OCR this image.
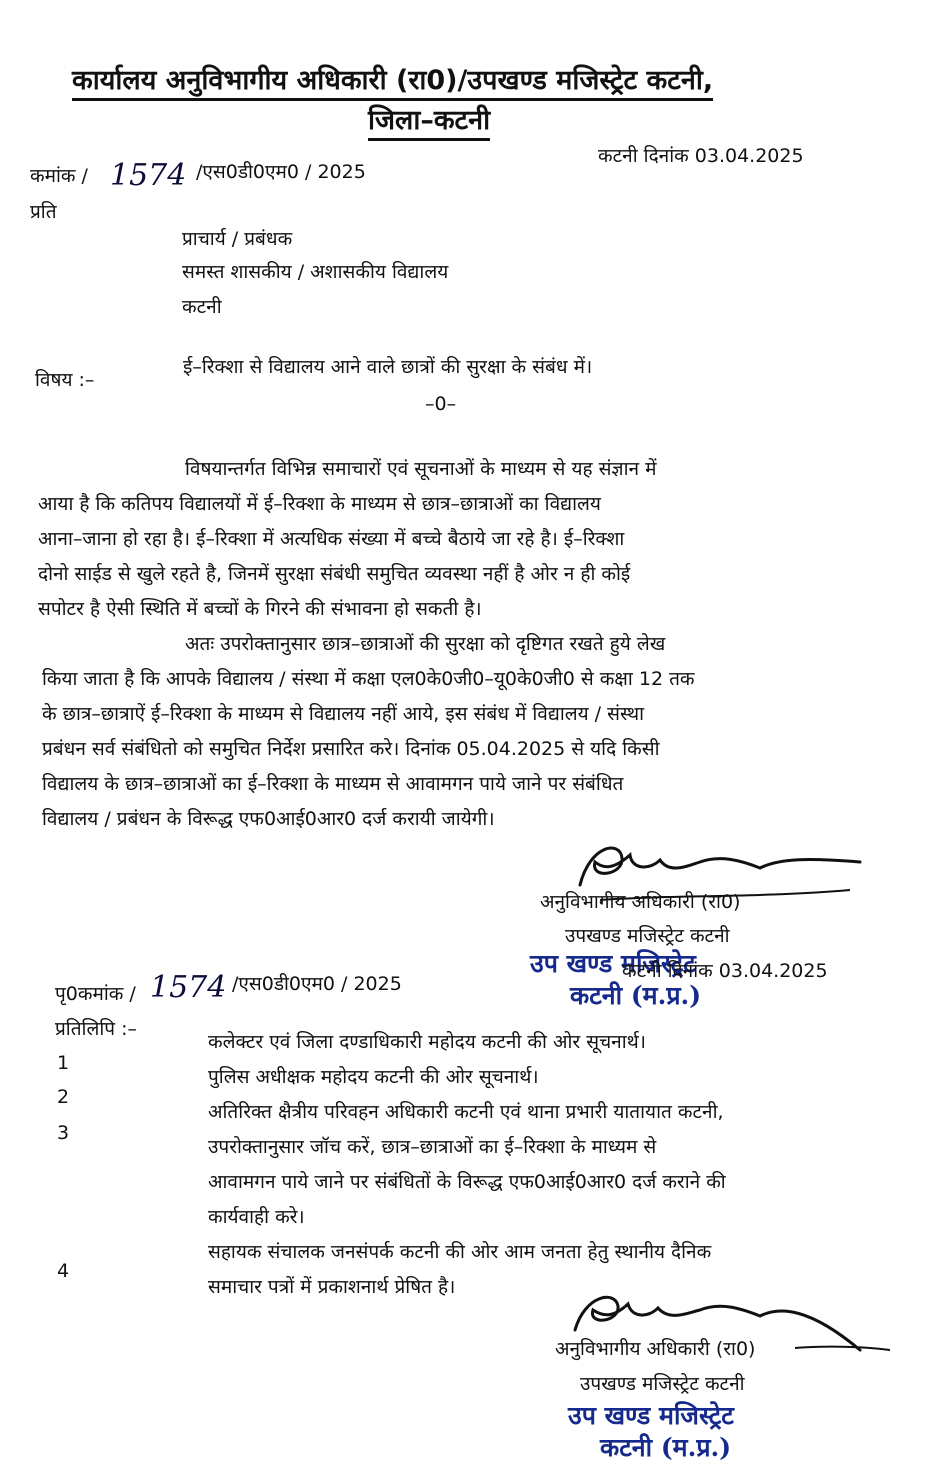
कार्यालय अनुविभागीय अधिकारी (रा0)/उपखण्ड मजिस्ट्रेट कटनी,
जिला–कटनी
कमांक / 1574 /एस0डी0एम0 / 2025
कटनी दिनांक 03.04.2025
प्रति
प्राचार्य / प्रबंधक
समस्त शासकीय / अशासकीय विद्यालय
कटनी
विषय :–
ई–रिक्शा से विद्यालय आने वाले छात्रों की सुरक्षा के संबंध में।
–0–
विषयान्तर्गत विभिन्न समाचारों एवं सूचनाओं के माध्यम से यह संज्ञान में
आया है कि कतिपय विद्यालयों में ई–रिक्शा के माध्यम से छात्र–छात्राओं का विद्यालय
आना–जाना हो रहा है। ई–रिक्शा में अत्यधिक संख्या में बच्चे बैठाये जा रहे है। ई–रिक्शा
दोनो साईड से खुले रहते है, जिनमें सुरक्षा संबंधी समुचित व्यवस्था नहीं है ओर न ही कोई
सपोटर है ऐसी स्थिति में बच्चों के गिरने की संभावना हो सकती है।
अतः उपरोक्तानुसार छात्र–छात्राओं की सुरक्षा को दृष्टिगत रखते हुये लेख
किया जाता है कि आपके विद्यालय / संस्था में कक्षा एल0के0जी0–यू0के0जी0 से कक्षा 12 तक
के छात्र–छात्राऐं ई–रिक्शा के माध्यम से विद्यालय नहीं आये, इस संबंध में विद्यालय / संस्था
प्रबंधन सर्व संबंधितो को समुचित निर्देश प्रसारित करे। दिनांक 05.04.2025 से यदि किसी
विद्यालय के छात्र–छात्राओं का ई–रिक्शा के माध्यम से आवामगन पाये जाने पर संबंधित
विद्यालय / प्रबंधन के विरूद्ध एफ0आई0आर0 दर्ज करायी जायेगी।
अनुविभागीय अधिकारी (रा0)
उपखण्ड मजिस्ट्रेट कटनी
उप खण्ड मजिस्ट्रेट
कटनी (म.प्र.)
पृ0कमांक / 1574 /एस0डी0एम0 / 2025
कटनी दिनांक 03.04.2025
प्रतिलिपि :–
1
2
3
4
कलेक्टर एवं जिला दण्डाधिकारी महोदय कटनी की ओर सूचनार्थ।
पुलिस अधीक्षक महोदय कटनी की ओर सूचनार्थ।
अतिरिक्त क्षैत्रीय परिवहन अधिकारी कटनी एवं थाना प्रभारी यातायात कटनी,
उपरोक्तानुसार जॉच करें, छात्र–छात्राओं का ई–रिक्शा के माध्यम से
आवामगन पाये जाने पर संबंधितों के विरूद्ध एफ0आई0आर0 दर्ज कराने की
कार्यवाही करे।
सहायक संचालक जनसंपर्क कटनी की ओर आम जनता हेतु स्थानीय दैनिक
समाचार पत्रों में प्रकाशनार्थ प्रेषित है।
अनुविभागीय अधिकारी (रा0)
उपखण्ड मजिस्ट्रेट कटनी
उप खण्ड मजिस्ट्रेट
कटनी (म.प्र.)
